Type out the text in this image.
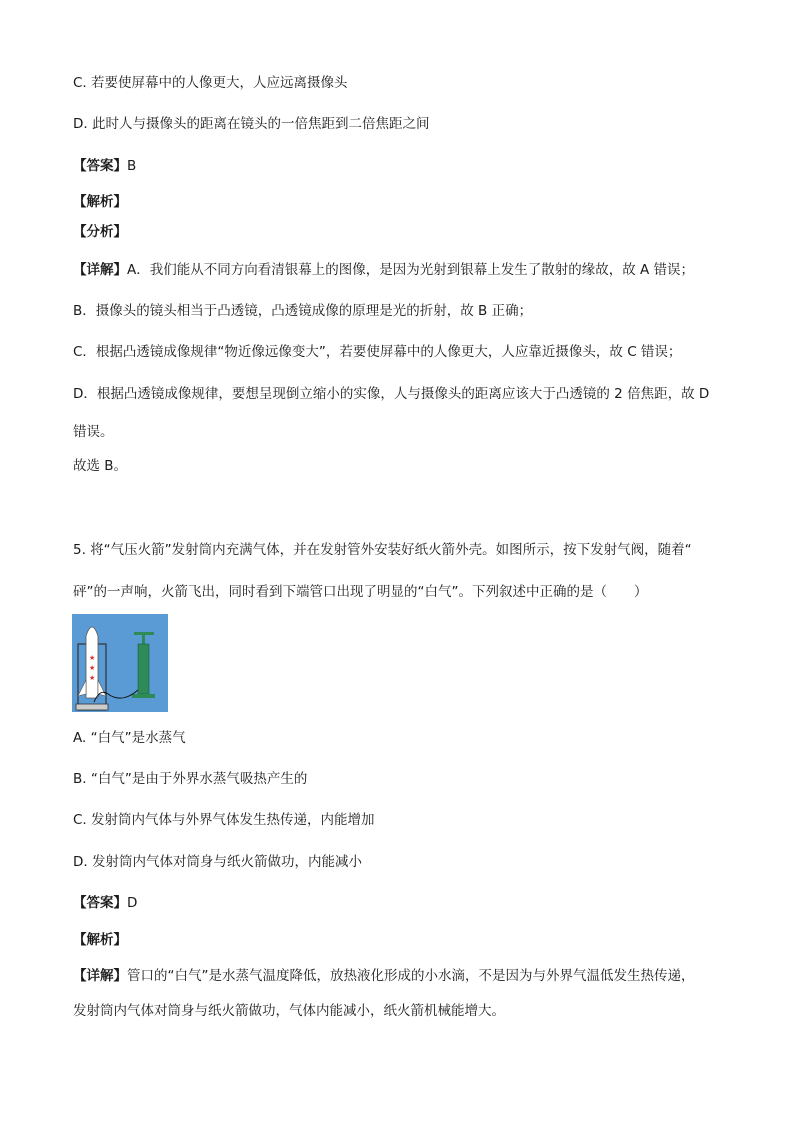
C. 若要使屏幕中的人像更大，人应远离摄像头
D. 此时人与摄像头的距离在镜头的一倍焦距到二倍焦距之间
【答案】B
【解析】
【分析】
【详解】A．我们能从不同方向看清银幕上的图像，是因为光射到银幕上发生了散射的缘故，故 A 错误；
B．摄像头的镜头相当于凸透镜，凸透镜成像的原理是光的折射，故 B 正确；
C．根据凸透镜成像规律“物近像远像变大”，若要使屏幕中的人像更大，人应靠近摄像头，故 C 错误；
D．根据凸透镜成像规律，要想呈现倒立缩小的实像，人与摄像头的距离应该大于凸透镜的 2 倍焦距，故 D
错误。
故选 B。
5. 将“气压火箭”发射筒内充满气体，并在发射管外安装好纸火箭外壳。如图所示，按下发射气阀，随着“
砰”的一声响，火箭飞出，同时看到下端管口出现了明显的“白气”。下列叙述中正确的是（　　）
★
★
★
A. “白气”是水蒸气
B. “白气”是由于外界水蒸气吸热产生的
C. 发射筒内气体与外界气体发生热传递，内能增加
D. 发射筒内气体对筒身与纸火箭做功，内能减小
【答案】D
【解析】
【详解】管口的“白气”是水蒸气温度降低，放热液化形成的小水滴，不是因为与外界气温低发生热传递，
发射筒内气体对筒身与纸火箭做功，气体内能减小，纸火箭机械能增大。
